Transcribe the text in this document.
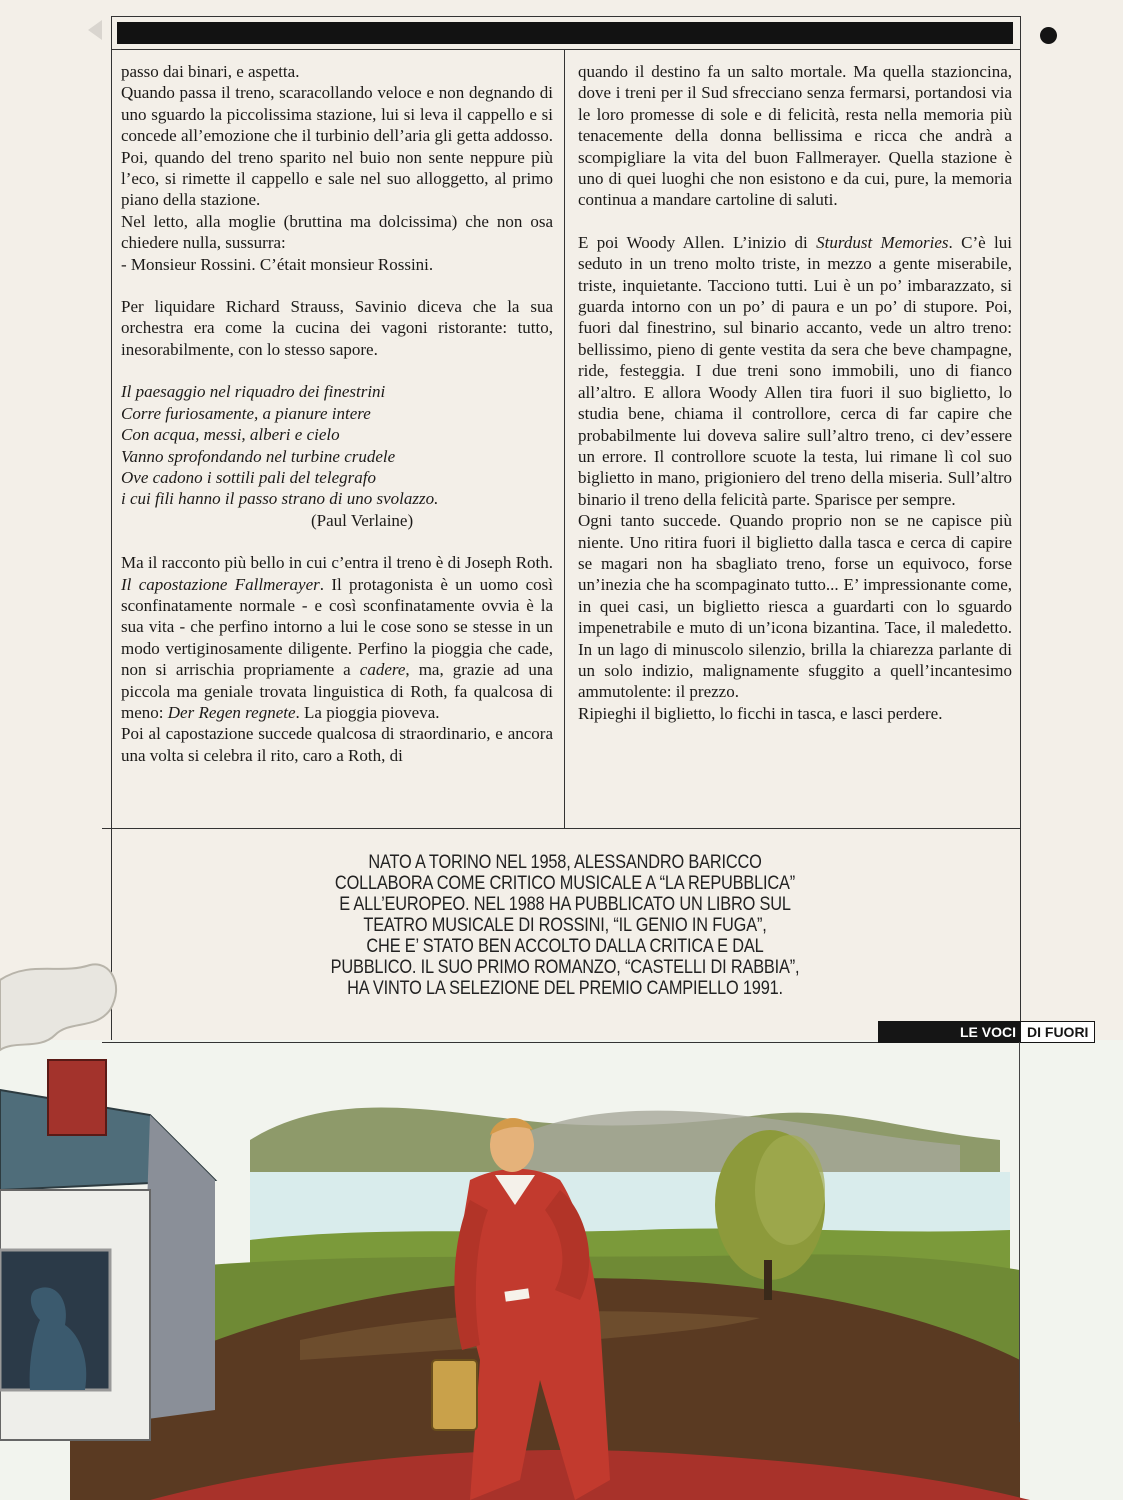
passo dai binari, e aspetta.

Quando passa il treno, scaracollando veloce e non degnando di uno sguardo la piccolissima stazione, lui si leva il cappello e si concede all’emozione che il turbinio dell’aria gli getta addosso. Poi, quando del treno sparito nel buio non sente neppure più l’eco, si rimette il cappello e sale nel suo alloggetto, al primo piano della stazione.

Nel letto, alla moglie (bruttina ma dolcissima) che non osa chiedere nulla, sussurra:

- Monsieur Rossini. C’était monsieur Rossini.

Per liquidare Richard Strauss, Savinio diceva che la sua orchestra era come la cucina dei vagoni ristorante: tutto, inesorabilmente, con lo stesso sapore.

Il paesaggio nel riquadro dei finestrini
Corre furiosamente, a pianure intere
Con acqua, messi, alberi e cielo
Vanno sprofondando nel turbine crudele
Ove cadono i sottili pali del telegrafo
i cui fili hanno il passo strano di uno svolazzo.
(Paul Verlaine)

Ma il racconto più bello in cui c’entra il treno è di Joseph Roth. Il capostazione Fallmerayer. Il protagonista è un uomo così sconfinatamente normale - e così sconfinatamente ovvia è la sua vita - che perfino intorno a lui le cose sono se stesse in un modo vertiginosamente diligente. Perfino la pioggia che cade, non si arrischia propriamente a cadere, ma, grazie ad una piccola ma geniale trovata linguistica di Roth, fa qualcosa di meno: Der Regen regnete. La pioggia pioveva.

Poi al capostazione succede qualcosa di straordinario, e ancora una volta si celebra il rito, caro a Roth, di

quando il destino fa un salto mortale. Ma quella stazioncina, dove i treni per il Sud sfrecciano senza fermarsi, portandosi via le loro promesse di sole e di felicità, resta nella memoria più tenacemente della donna bellissima e ricca che andrà a scompigliare la vita del buon Fallmerayer. Quella stazione è uno di quei luoghi che non esistono e da cui, pure, la memoria continua a mandare cartoline di saluti.

E poi Woody Allen. L’inizio di Sturdust Memories. C’è lui seduto in un treno molto triste, in mezzo a gente miserabile, triste, inquietante. Tacciono tutti. Lui è un po’ imbarazzato, si guarda intorno con un po’ di paura e un po’ di stupore. Poi, fuori dal finestrino, sul binario accanto, vede un altro treno: bellissimo, pieno di gente vestita da sera che beve champagne, ride, festeggia. I due treni sono immobili, uno di fianco all’altro. E allora Woody Allen tira fuori il suo biglietto, lo studia bene, chiama il controllore, cerca di far capire che probabilmente lui doveva salire sull’altro treno, ci dev’essere un errore. Il controllore scuote la testa, lui rimane lì col suo biglietto in mano, prigioniero del treno della miseria. Sull’altro binario il treno della felicità parte. Sparisce per sempre.

Ogni tanto succede. Quando proprio non se ne capisce più niente. Uno ritira fuori il biglietto dalla tasca e cerca di capire se magari non ha sbagliato treno, forse un equivoco, forse un’inezia che ha scompaginato tutto... E’ impressionante come, in quei casi, un biglietto riesca a guardarti con lo sguardo impenetrabile e muto di un’icona bizantina. Tace, il maledetto. In un lago di minuscolo silenzio, brilla la chiarezza parlante di un solo indizio, malignamente sfuggito a quell’incantesimo ammutolente: il prezzo.

Ripieghi il biglietto, lo ficchi in tasca, e lasci perdere.

NATO A TORINO NEL 1958, ALESSANDRO BARICCO
COLLABORA COME CRITICO MUSICALE A “LA REPUBBLICA”
E ALL’EUROPEO. NEL 1988 HA PUBBLICATO UN LIBRO SUL
TEATRO MUSICALE DI ROSSINI, “IL GENIO IN FUGA”,
CHE E’ STATO BEN ACCOLTO DALLA CRITICA E DAL
PUBBLICO. IL SUO PRIMO ROMANZO, “CASTELLI DI RABBIA”,
HA VINTO LA SELEZIONE DEL PREMIO CAMPIELLO 1991.
LE VOCI DI FUORI
